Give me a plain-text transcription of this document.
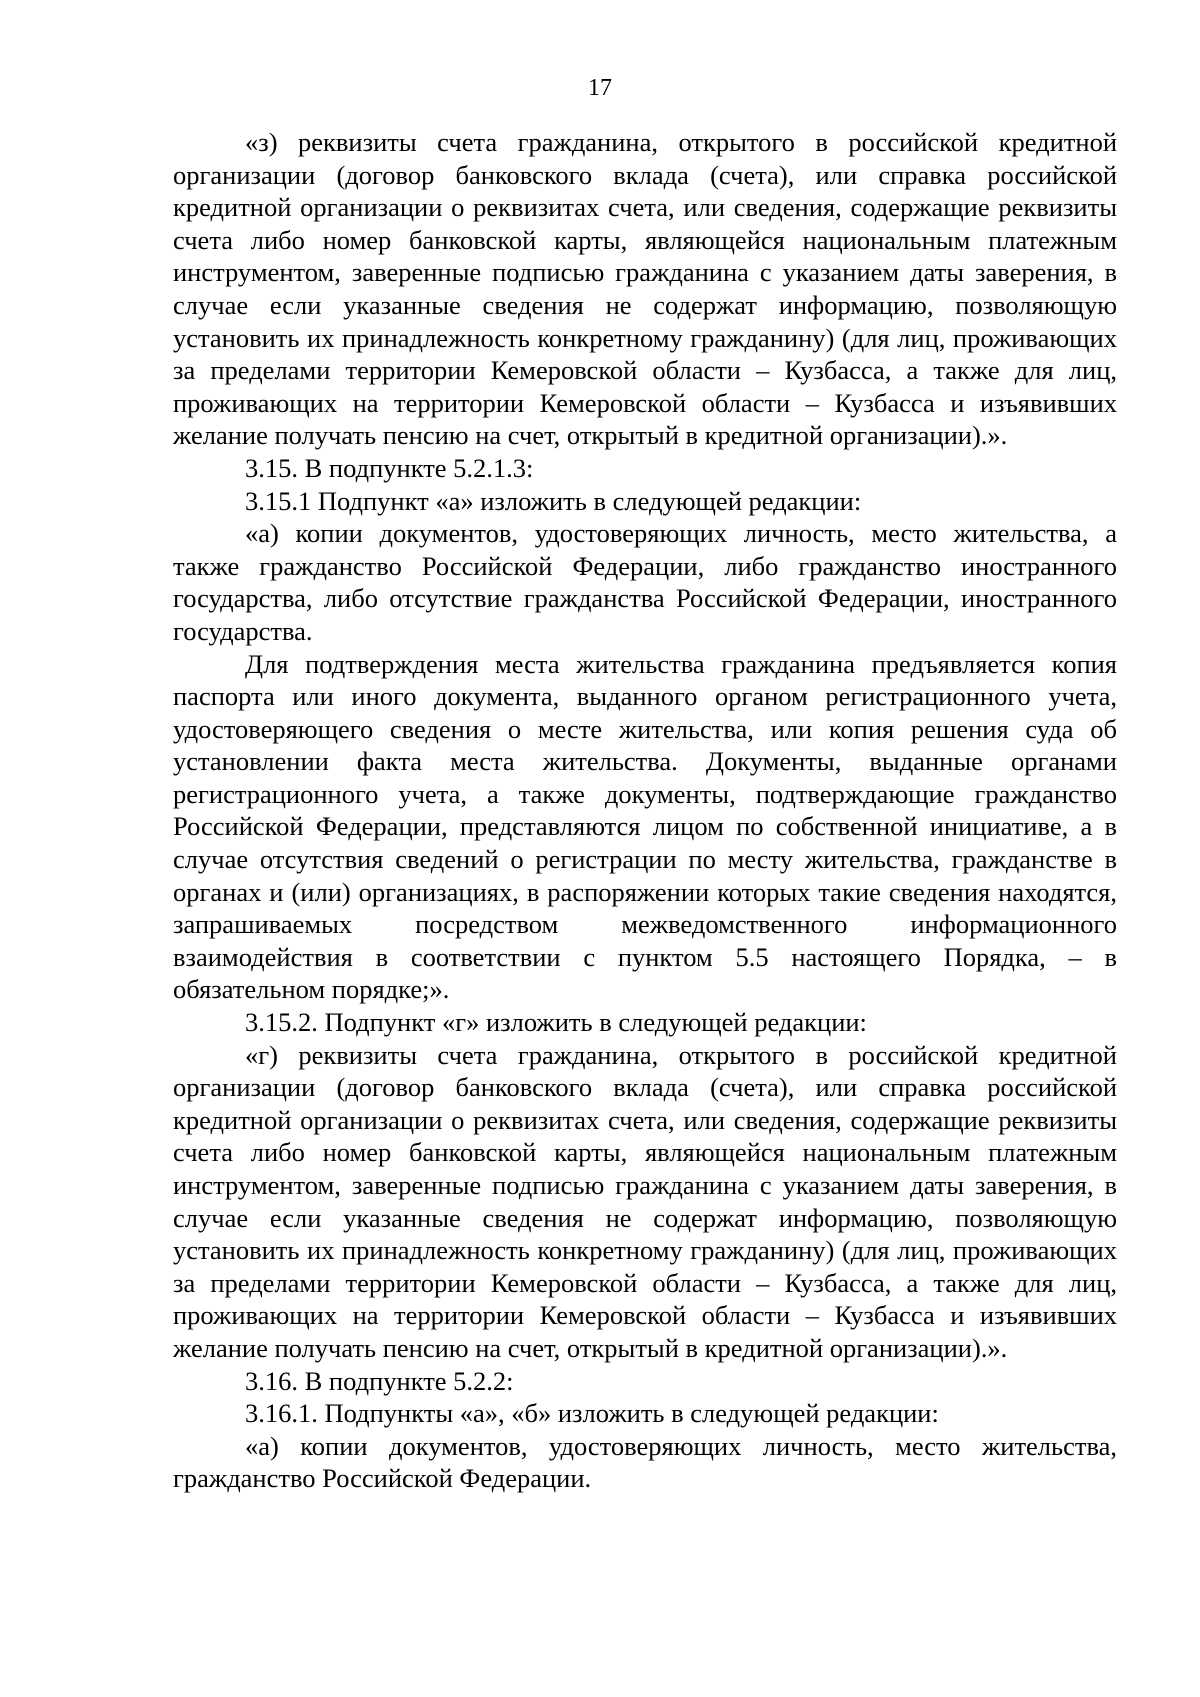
17

«з) реквизиты счета гражданина, открытого в российской кредитной организации (договор банковского вклада (счета), или справка российской кредитной организации о реквизитах счета, или сведения, содержащие реквизиты счета либо номер банковской карты, являющейся национальным платежным инструментом, заверенные подписью гражданина с указанием даты заверения, в случае если указанные сведения не содержат информацию, позволяющую установить их принадлежность конкретному гражданину) (для лиц, проживающих за пределами территории Кемеровской области – Кузбасса, а также для лиц, проживающих на территории Кемеровской области – Кузбасса и изъявивших желание получать пенсию на счет, открытый в кредитной организации).».

3.15. В подпункте 5.2.1.3:

3.15.1 Подпункт «а» изложить в следующей редакции:

«а) копии документов, удостоверяющих личность, место жительства, а также гражданство Российской Федерации, либо гражданство иностранного государства, либо отсутствие гражданства Российской Федерации, иностранного государства.

Для подтверждения места жительства гражданина предъявляется копия паспорта или иного документа, выданного органом регистрационного учета, удостоверяющего сведения о месте жительства, или копия решения суда об установлении факта места жительства. Документы, выданные органами регистрационного учета, а также документы, подтверждающие гражданство Российской Федерации, представляются лицом по собственной инициативе, а в случае отсутствия сведений о регистрации по месту жительства, гражданстве в органах и (или) организациях, в распоряжении которых такие сведения находятся, запрашиваемых посредством межведомственного информационного взаимодействия в соответствии с пунктом 5.5 настоящего Порядка, – в обязательном порядке;».

3.15.2. Подпункт «г» изложить в следующей редакции:

«г) реквизиты счета гражданина, открытого в российской кредитной организации (договор банковского вклада (счета), или справка российской кредитной организации о реквизитах счета, или сведения, содержащие реквизиты счета либо номер банковской карты, являющейся национальным платежным инструментом, заверенные подписью гражданина с указанием даты заверения, в случае если указанные сведения не содержат информацию, позволяющую установить их принадлежность конкретному гражданину) (для лиц, проживающих за пределами территории Кемеровской области – Кузбасса, а также для лиц, проживающих на территории Кемеровской области – Кузбасса и изъявивших желание получать пенсию на счет, открытый в кредитной организации).».

3.16. В подпункте 5.2.2:

3.16.1. Подпункты «а», «б» изложить в следующей редакции:

«а) копии документов, удостоверяющих личность, место жительства, гражданство Российской Федерации.
